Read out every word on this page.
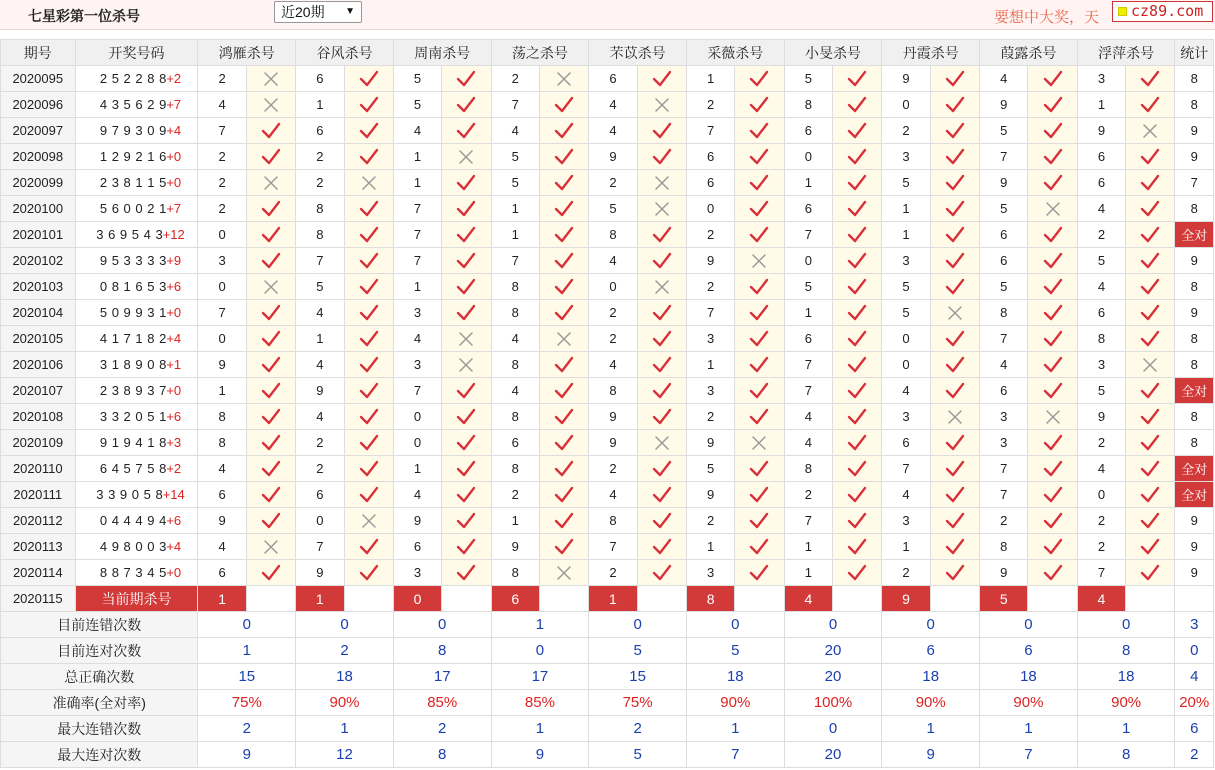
七星彩第一位杀号	近20期 ▼	要想中大奖，天	cz89.com
期号	开奖号码	鸿雁杀号		谷风杀号		周南杀号		荡之杀号		芣苡杀号		采薇杀号		小旻杀号		丹霞杀号		葭露杀号		浮萍杀号		统计
2020095	2 5 2 2 8 8+2	2		6		5		2		6		1		5		9		4		3		8
2020096	4 3 5 6 2 9+7	4		1		5		7		4		2		8		0		9		1		8
2020097	9 7 9 3 0 9+4	7		6		4		4		4		7		6		2		5		9		9
2020098	1 2 9 2 1 6+0	2		2		1		5		9		6		0		3		7		6		9
2020099	2 3 8 1 1 5+0	2		2		1		5		2		6		1		5		9		6		7
2020100	5 6 0 0 2 1+7	2		8		7		1		5		0		6		1		5		4		8
2020101	3 6 9 5 4 3+12	0		8		7		1		8		2		7		1		6		2		全对
2020102	9 5 3 3 3 3+9	3		7		7		7		4		9		0		3		6		5		9
2020103	0 8 1 6 5 3+6	0		5		1		8		0		2		5		5		5		4		8
2020104	5 0 9 9 3 1+0	7		4		3		8		2		7		1		5		8		6		9
2020105	4 1 7 1 8 2+4	0		1		4		4		2		3		6		0		7		8		8
2020106	3 1 8 9 0 8+1	9		4		3		8		4		1		7		0		4		3		8
2020107	2 3 8 9 3 7+0	1		9		7		4		8		3		7		4		6		5		全对
2020108	3 3 2 0 5 1+6	8		4		0		8		9		2		4		3		3		9		8
2020109	9 1 9 4 1 8+3	8		2		0		6		9		9		4		6		3		2		8
2020110	6 4 5 7 5 8+2	4		2		1		8		2		5		8		7		7		4		全对
2020111	3 3 9 0 5 8+14	6		6		4		2		4		9		2		4		7		0		全对
2020112	0 4 4 4 9 4+6	9		0		9		1		8		2		7		3		2		2		9
2020113	4 9 8 0 0 3+4	4		7		6		9		7		1		1		1		8		2		9
2020114	8 8 7 3 4 5+0	6		9		3		8		2		3		1		2		9		7		9
2020115	当前期杀号	1		1		0		6		1		8		4		9		5		4		
目前连错次数		0		0		0		1		0		0		0		0		0		0		3
目前连对次数		1		2		8		0		5		5		20		6		6		8		0
总正确次数		15		18		17		17		15		18		20		18		18		18		4
准确率(全对率)		75%		90%		85%		85%		75%		90%		100%		90%		90%		90%		20%
最大连错次数		2		1		2		1		2		1		0		1		1		1		6
最大连对次数		9		12		8		9		5		7		20		9		7		8		2
